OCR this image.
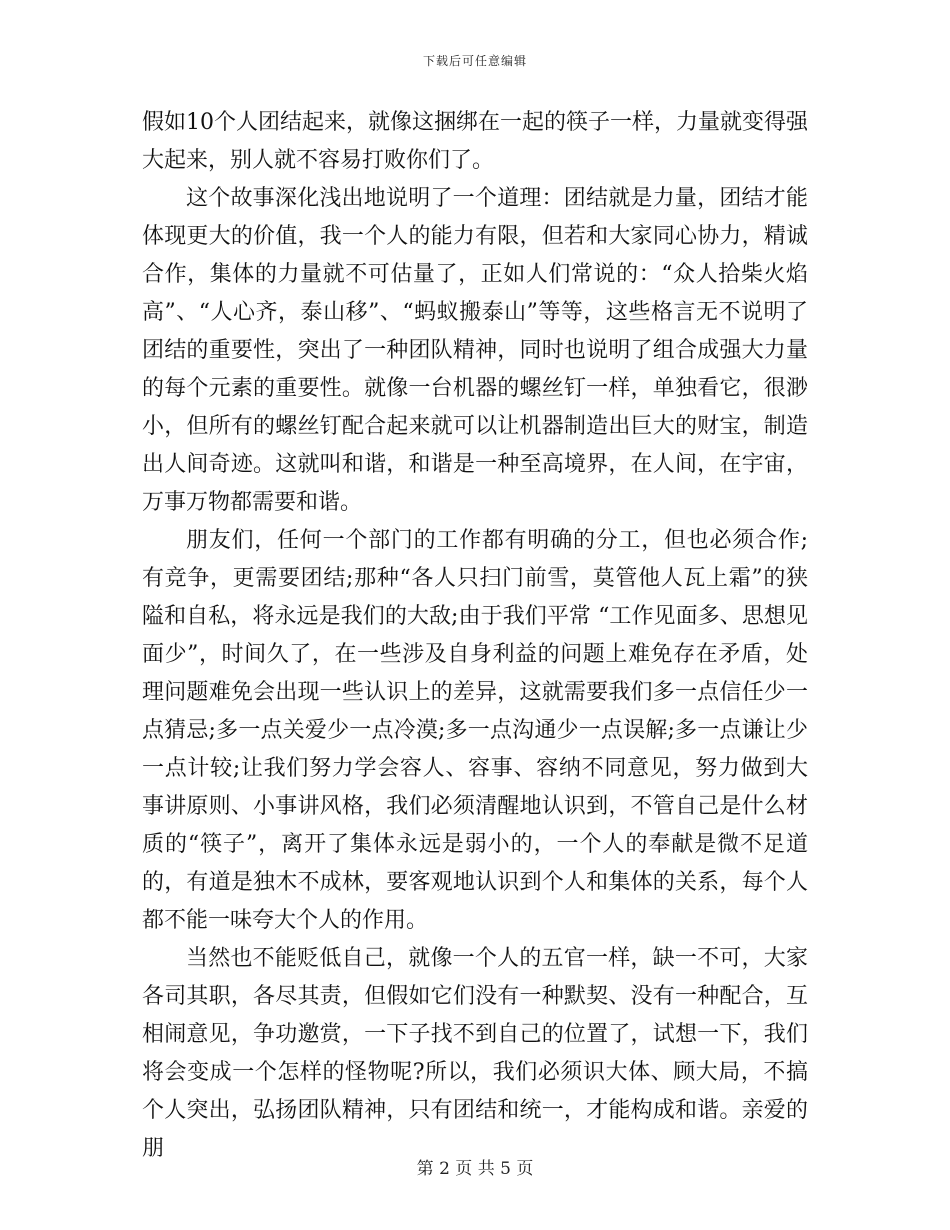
下载后可任意编辑

假如10个人团结起来，就像这捆绑在一起的筷子一样，力量就变得强大起来，别人就不容易打败你们了。

这个故事深化浅出地说明了一个道理：团结就是力量，团结才能体现更大的价值，我一个人的能力有限，但若和大家同心协力，精诚合作，集体的力量就不可估量了，正如人们常说的：“众人拾柴火焰高”、“人心齐，泰山移”、“蚂蚁搬泰山”等等，这些格言无不说明了团结的重要性，突出了一种团队精神，同时也说明了组合成强大力量的每个元素的重要性。就像一台机器的螺丝钉一样，单独看它，很渺小，但所有的螺丝钉配合起来就可以让机器制造出巨大的财宝，制造出人间奇迹。这就叫和谐，和谐是一种至高境界，在人间，在宇宙，万事万物都需要和谐。

朋友们，任何一个部门的工作都有明确的分工，但也必须合作;有竞争，更需要团结;那种“各人只扫门前雪，莫管他人瓦上霜”的狭隘和自私，将永远是我们的大敌;由于我们平常 “工作见面多、思想见面少”，时间久了，在一些涉及自身利益的问题上难免存在矛盾，处理问题难免会出现一些认识上的差异，这就需要我们多一点信任少一点猜忌;多一点关爱少一点冷漠;多一点沟通少一点误解;多一点谦让少一点计较;让我们努力学会容人、容事、容纳不同意见，努力做到大事讲原则、小事讲风格，我们必须清醒地认识到，不管自己是什么材质的“筷子”，离开了集体永远是弱小的，一个人的奉献是微不足道的，有道是独木不成林，要客观地认识到个人和集体的关系，每个人都不能一味夸大个人的作用。

当然也不能贬低自己，就像一个人的五官一样，缺一不可，大家各司其职，各尽其责，但假如它们没有一种默契、没有一种配合，互相闹意见，争功邀赏，一下子找不到自己的位置了，试想一下，我们将会变成一个怎样的怪物呢?所以，我们必须识大体、顾大局，不搞个人突出，弘扬团队精神，只有团结和统一，才能构成和谐。亲爱的朋

第 2 页 共 5 页
